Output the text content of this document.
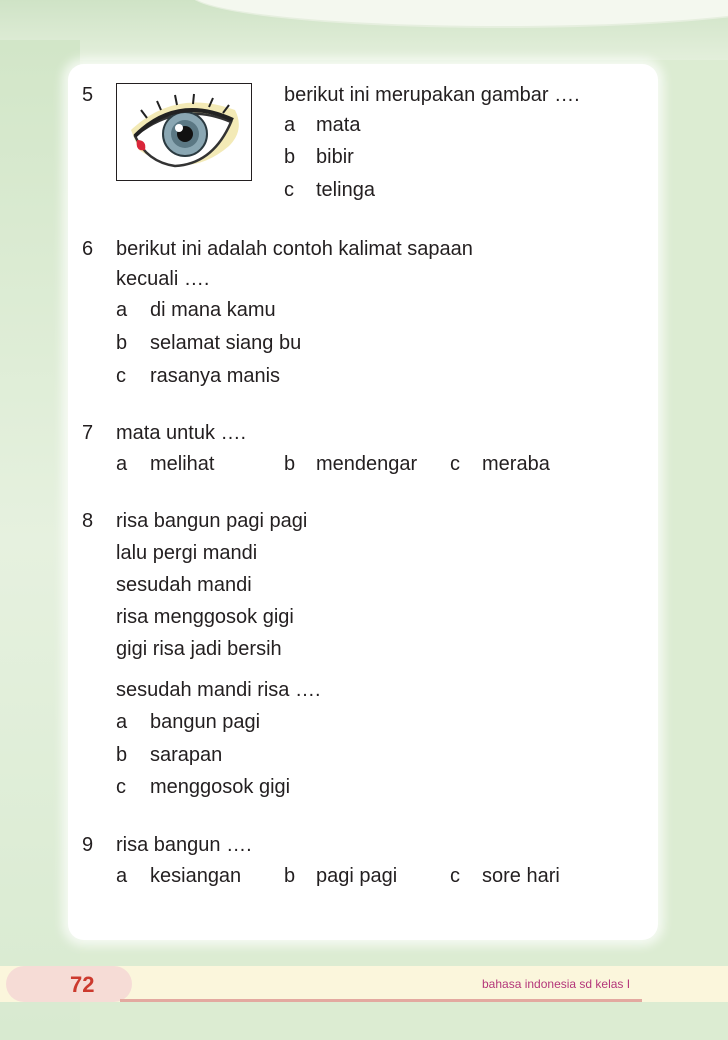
5	berikut ini merupakan gambar ….
a mata
b bibir
c telinga
6 berikut ini adalah contoh kalimat sapaan
kecuali ….
a di mana kamu
b selamat siang bu
c rasanya manis
7 mata untuk ….
a melihat	b mendengar c meraba
8 risa bangun pagi pagi
lalu pergi mandi
sesudah mandi
risa menggosok gigi
gigi risa jadi bersih
sesudah mandi risa ….
a bangun pagi
b sarapan
c menggosok gigi
9 risa bangun ….
a kesiangan b pagi pagi	c sore hari
72	bahasa indonesia sd kelas I
